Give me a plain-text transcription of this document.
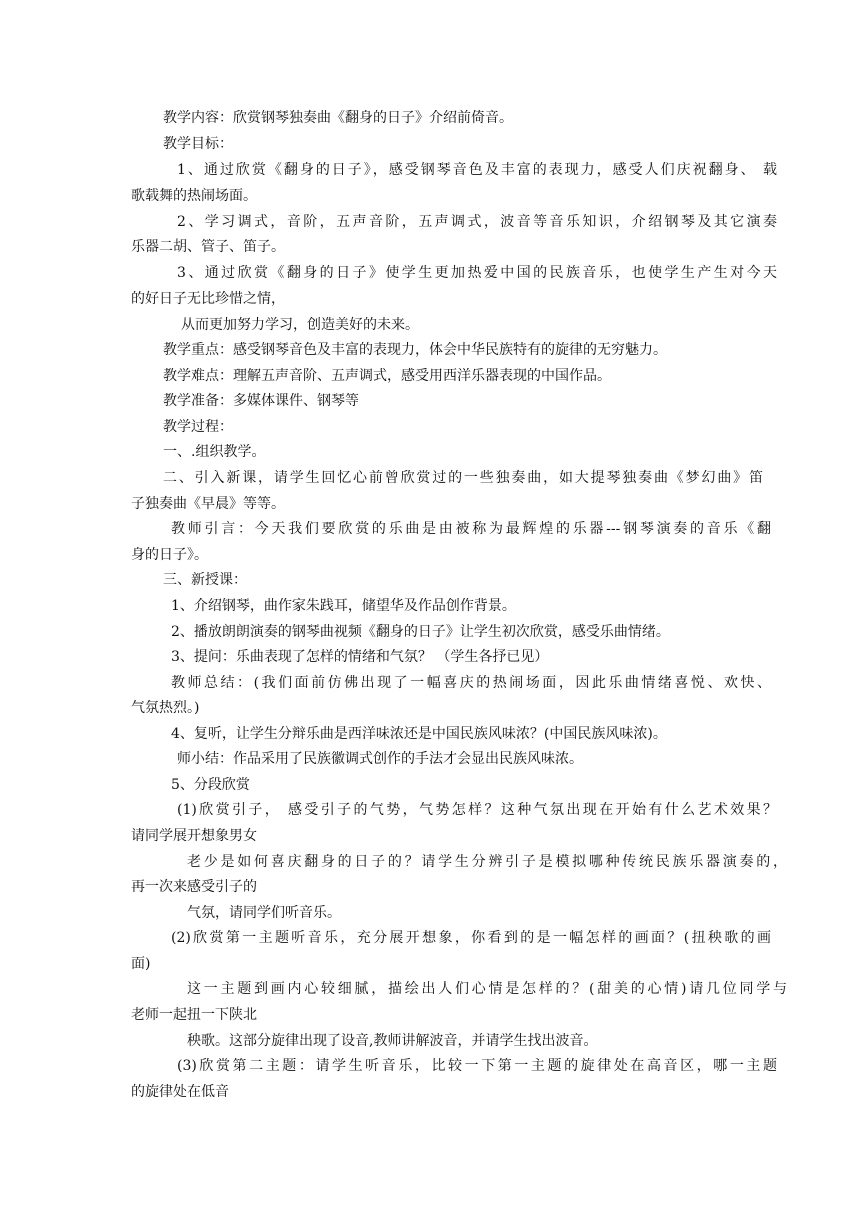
教学内容：欣赏钢琴独奏曲《翻身的日子》介绍前倚音。
教学目标：
1、通过欣赏《翻身的日子》，感受钢琴音色及丰富的表现力，感受人们庆祝翻身、 载
歌载舞的热闹场面。
2、学习调式，音阶，五声音阶，五声调式，波音等音乐知识，介绍钢琴及其它演奏
乐器二胡、管子、笛子。
3、通过欣赏《翻身的日子》使学生更加热爱中国的民族音乐，也使学生产生对今天
的好日子无比珍惜之情，
从而更加努力学习，创造美好的未来。
教学重点：感受钢琴音色及丰富的表现力，体会中华民族特有的旋律的无穷魅力。
教学难点：理解五声音阶、五声调式，感受用西洋乐器表现的中国作品。
教学准备：多媒体课件、钢琴等
教学过程：
一、.组织教学。
二、引入新课，请学生回忆心前曾欣赏过的一些独奏曲，如大提琴独奏曲《梦幻曲》笛
子独奏曲《早晨》等等。
教师引言：今天我们要欣赏的乐曲是由被称为最辉煌的乐器---钢琴演奏的音乐《翻
身的日子》。
三、新授课：
1、介绍钢琴，曲作家朱践耳，储望华及作品创作背景。
2、播放朗朗演奏的钢琴曲视频《翻身的日子》让学生初次欣赏，感受乐曲情绪。
3、提问：乐曲表现了怎样的情绪和气氛？ （学生各抒已见）
教师总结：(我们面前仿佛出现了一幅喜庆的热闹场面，因此乐曲情绪喜悦、欢快、
气氛热烈。)
4、复听，让学生分辩乐曲是西洋味浓还是中国民族风味浓？(中国民族风味浓)。
师小结：作品采用了民族徽调式创作的手法才会显出民族风味浓。
5、分段欣赏
(1)欣赏引子， 感受引子的气势，气势怎样？这种气氛出现在开始有什么艺术效果？
请同学展开想象男女
老少是如何喜庆翻身的日子的？请学生分辨引子是模拟哪种传统民族乐器演奏的，
再一次来感受引子的
气氛，请同学们听音乐。
(2)欣赏第一主题听音乐，充分展开想象，你看到的是一幅怎样的画面？(扭秧歌的画
面)
这一主题到画内心较细腻，描绘出人们心情是怎样的？(甜美的心情)请几位同学与
老师一起扭一下陕北
秧歌。这部分旋律出现了设音,教师讲解波音，并请学生找出波音。
(3)欣赏第二主题：请学生听音乐，比较一下第一主题的旋律处在高音区，哪一主题
的旋律处在低音
